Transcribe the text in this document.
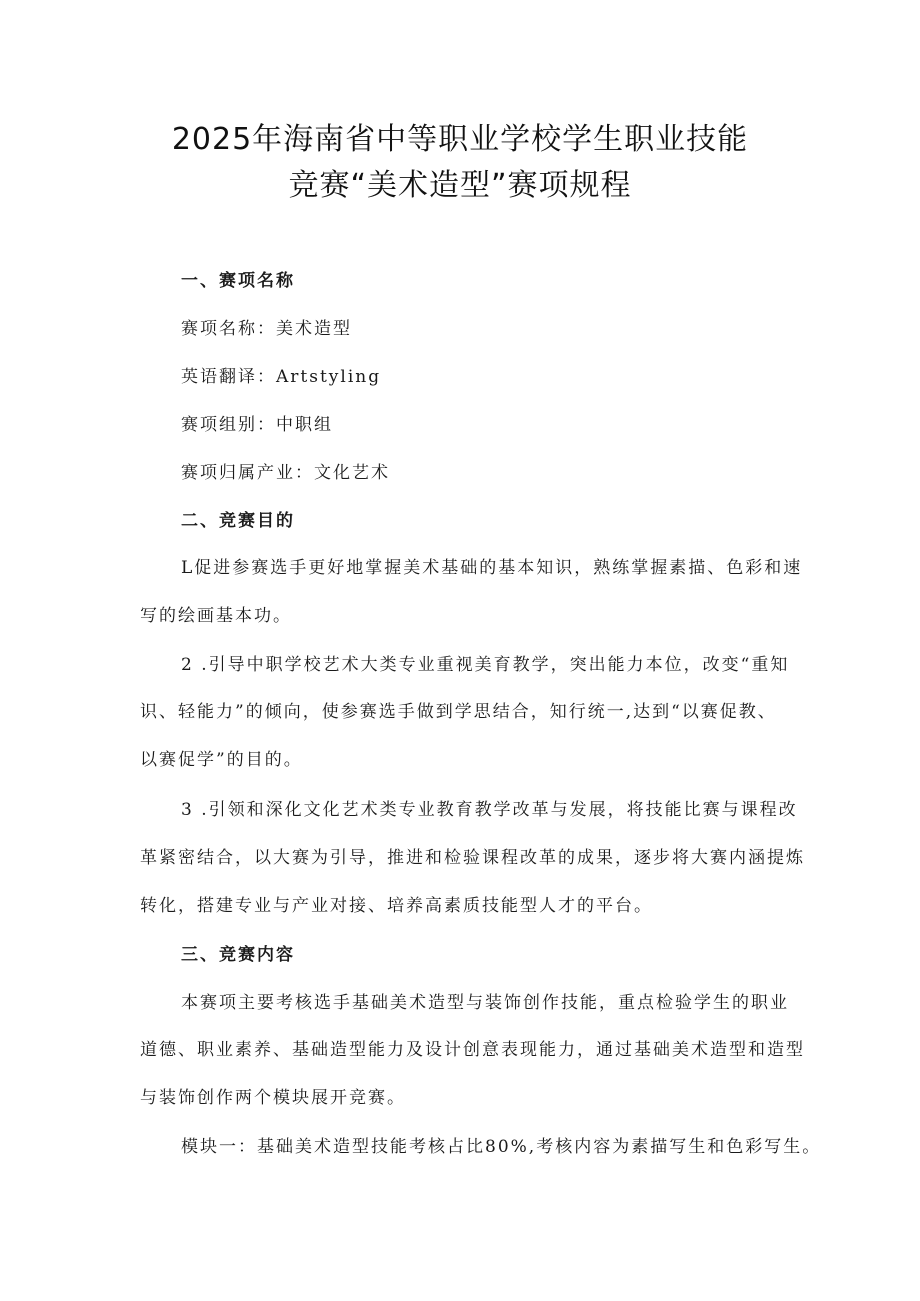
2025年海南省中等职业学校学生职业技能
竞赛“美术造型”赛项规程
一、赛项名称
赛项名称：美术造型
英语翻译：Artstyling
赛项组别：中职组
赛项归属产业：文化艺术
二、竞赛目的
L促进参赛选手更好地掌握美术基础的基本知识，熟练掌握素描、色彩和速
写的绘画基本功。
2 .引导中职学校艺术大类专业重视美育教学，突出能力本位，改变“重知
识、轻能力”的倾向，使参赛选手做到学思结合，知行统一,达到“以赛促教、
以赛促学”的目的。
3 .引领和深化文化艺术类专业教育教学改革与发展，将技能比赛与课程改
革紧密结合，以大赛为引导，推进和检验课程改革的成果，逐步将大赛内涵提炼
转化，搭建专业与产业对接、培养高素质技能型人才的平台。
三、竞赛内容
本赛项主要考核选手基础美术造型与装饰创作技能，重点检验学生的职业
道德、职业素养、基础造型能力及设计创意表现能力，通过基础美术造型和造型
与装饰创作两个模块展开竞赛。
模块一：基础美术造型技能考核占比80%,考核内容为素描写生和色彩写生。
